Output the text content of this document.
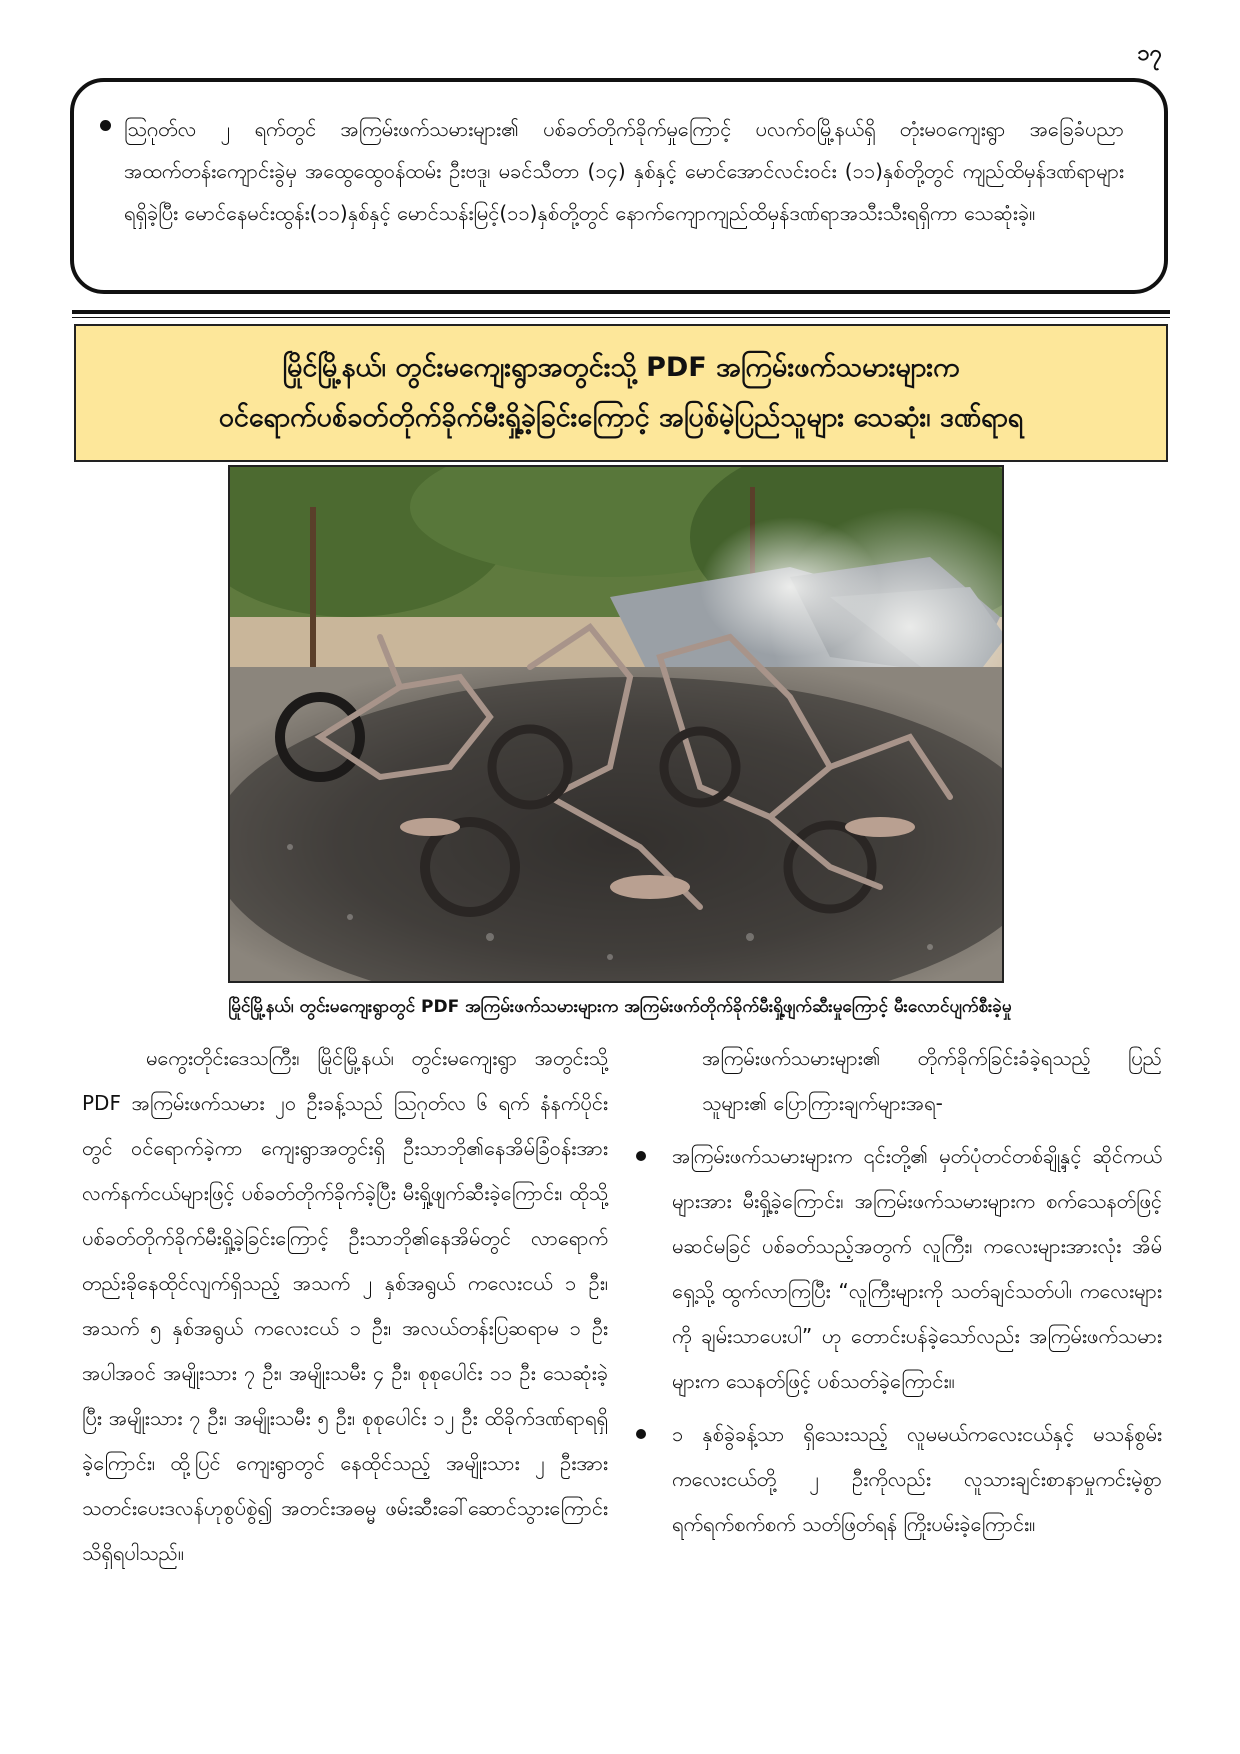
၁၇

ဩဂုတ်လ ၂ ရက်တွင် အကြမ်းဖက်သမားများ၏ ပစ်ခတ်တိုက်ခိုက်မှုကြောင့် ပလက်ဝမြို့နယ်ရှိ တုံးမဝကျေးရွာ အခြေခံပညာအထက်တန်းကျောင်းခွဲမှ အထွေထွေဝန်ထမ်း ဦးဗဒူ၊ မခင်သီတာ (၁၄) နှစ်နှင့် မောင်အောင်လင်းဝင်း (၁၁)နှစ်တို့တွင် ကျည်ထိမှန်ဒဏ်ရာများရရှိခဲ့ပြီး မောင်နေမင်းထွန်း(၁၁)နှစ်နှင့် မောင်သန်းမြင့်(၁၁)နှစ်တို့တွင် နောက်ကျောကျည်ထိမှန်ဒဏ်ရာအသီးသီးရရှိကာ သေဆုံးခဲ့။

မြိုင်မြို့နယ်၊ တွင်းမကျေးရွာအတွင်းသို့ PDF အကြမ်းဖက်သမားများက
ဝင်ရောက်ပစ်ခတ်တိုက်ခိုက်မီးရှို့ခဲ့ခြင်းကြောင့် အပြစ်မဲ့ပြည်သူများ သေဆုံး၊ ဒဏ်ရာရ
မြိုင်မြို့နယ်၊ တွင်းမကျေးရွာတွင် PDF အကြမ်းဖက်သမားများက အကြမ်းဖက်တိုက်ခိုက်မီးရှို့ဖျက်ဆီးမှုကြောင့် မီးလောင်ပျက်စီးခဲ့မှု

မကွေးတိုင်းဒေသကြီး၊ မြိုင်မြို့နယ်၊ တွင်းမကျေးရွာ အတွင်းသို့ PDF အကြမ်းဖက်သမား ၂၀ ဦးခန့်သည် ဩဂုတ်လ ၆ ရက် နံနက်ပိုင်းတွင် ဝင်ရောက်ခဲ့ကာ ကျေးရွာအတွင်းရှိ ဦးသာဘို၏နေအိမ်ခြံဝန်းအား လက်နက်ငယ်များဖြင့် ပစ်ခတ်တိုက်ခိုက်ခဲ့ပြီး မီးရှို့ဖျက်ဆီးခဲ့ကြောင်း၊ ထိုသို့ပစ်ခတ်တိုက်ခိုက်မီးရှို့ခဲ့ခြင်းကြောင့် ဦးသာဘို၏နေအိမ်တွင် လာရောက်တည်းခိုနေထိုင်လျက်ရှိသည့် အသက် ၂ နှစ်အရွယ် ကလေးငယ် ၁ ဦး၊ အသက် ၅ နှစ်အရွယ် ကလေးငယ် ၁ ဦး၊ အလယ်တန်းပြဆရာမ ၁ ဦး အပါအဝင် အမျိုးသား ၇ ဦး၊ အမျိုးသမီး ၄ ဦး၊ စုစုပေါင်း ၁၁ ဦး သေဆုံးခဲ့ပြီး အမျိုးသား ၇ ဦး၊ အမျိုးသမီး ၅ ဦး၊ စုစုပေါင်း ၁၂ ဦး ထိခိုက်ဒဏ်ရာရရှိခဲ့ကြောင်း၊ ထို့ပြင် ကျေးရွာတွင် နေထိုင်သည့် အမျိုးသား ၂ ဦးအား သတင်းပေးဒလန်ဟုစွပ်စွဲ၍ အတင်းအဓမ္မ ဖမ်းဆီးခေါ်ဆောင်သွားကြောင်း သိရှိရပါသည်။

အကြမ်းဖက်သမားများ၏ တိုက်ခိုက်ခြင်းခံခဲ့ရသည့် ပြည်သူများ၏ ပြောကြားချက်များအရ-

အကြမ်းဖက်သမားများက ၎င်းတို့၏ မှတ်ပုံတင်တစ်ချို့နှင့် ဆိုင်ကယ်များအား မီးရှို့ခဲ့ကြောင်း၊ အကြမ်းဖက်သမားများက စက်သေနတ်ဖြင့် မဆင်မခြင် ပစ်ခတ်သည့်အတွက် လူကြီး၊ ကလေးများအားလုံး အိမ်ရှေ့သို့ ထွက်လာကြပြီး “လူကြီးများကို သတ်ချင်သတ်ပါ၊ ကလေးများကို ချမ်းသာပေးပါ” ဟု တောင်းပန်ခဲ့သော်လည်း အကြမ်းဖက်သမားများက သေနတ်ဖြင့် ပစ်သတ်ခဲ့ကြောင်း။

၁ နှစ်ခွဲခန့်သာ ရှိသေးသည့် လူမမယ်ကလေးငယ်နှင့် မသန်စွမ်းကလေးငယ်တို့ ၂ ဦးကိုလည်း လူသားချင်းစာနာမှုကင်းမဲ့စွာ ရက်ရက်စက်စက် သတ်ဖြတ်ရန် ကြိုးပမ်းခဲ့ကြောင်း။
